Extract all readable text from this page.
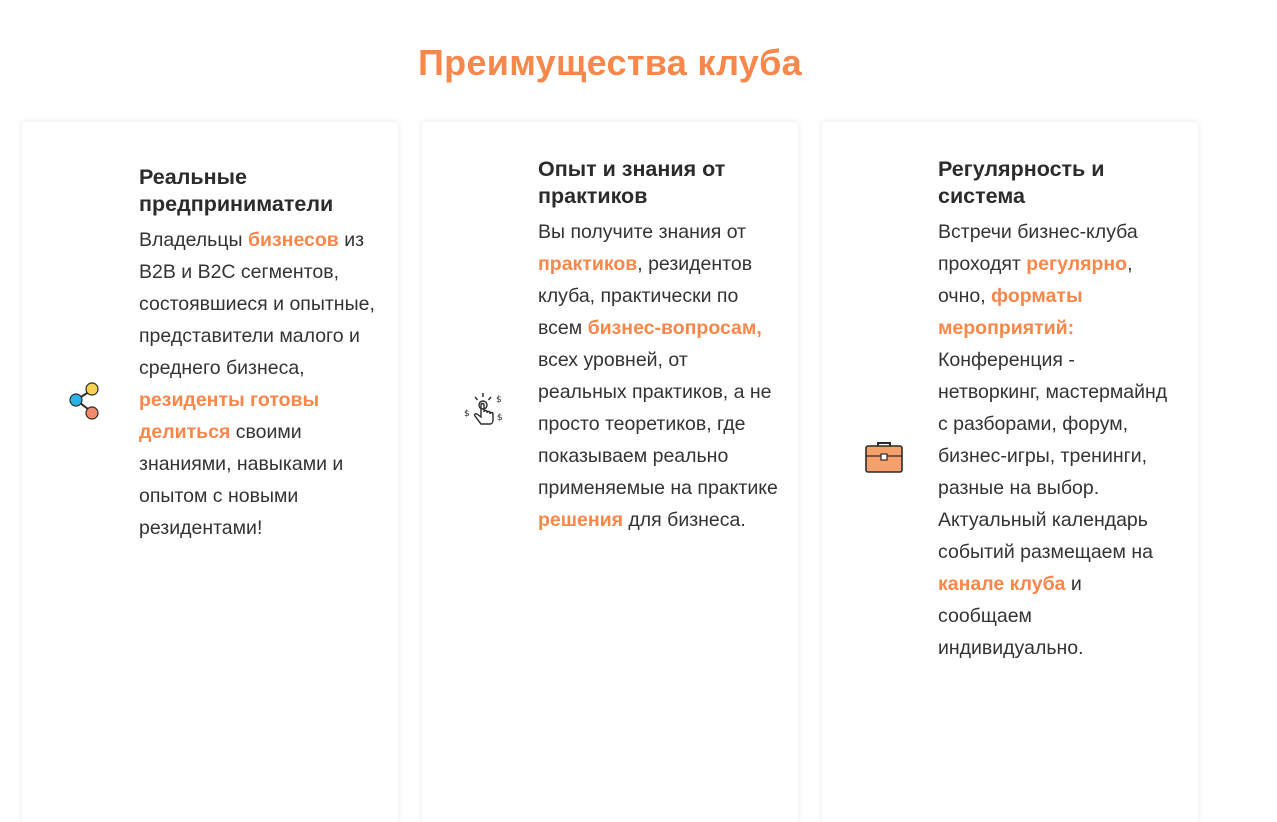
Преимущества клуба
Реальные предприниматели
Владельцы бизнесов из B2B и B2C сегментов, состоявшиеся и опытные, представители малого и среднего бизнеса, резиденты готовы делиться своими знаниями, навыками и опытом с новыми резидентами!
$
$
$
Опыт и знания от практиков
Вы получите знания от практиков, резидентов клуба, практически по всем бизнес-вопросам, всех уровней, от реальных практиков, а не просто теоретиков, где показываем реально применяемые на практике решения для бизнеса.
Регулярность и система
Встречи бизнес-клуба проходят регулярно, очно, форматы мероприятий: Конференция - нетворкинг, мастермайнд с разборами, форум, бизнес-игры, тренинги, разные на выбор. Актуальный календарь событий размещаем на канале клуба и сообщаем индивидуально.
